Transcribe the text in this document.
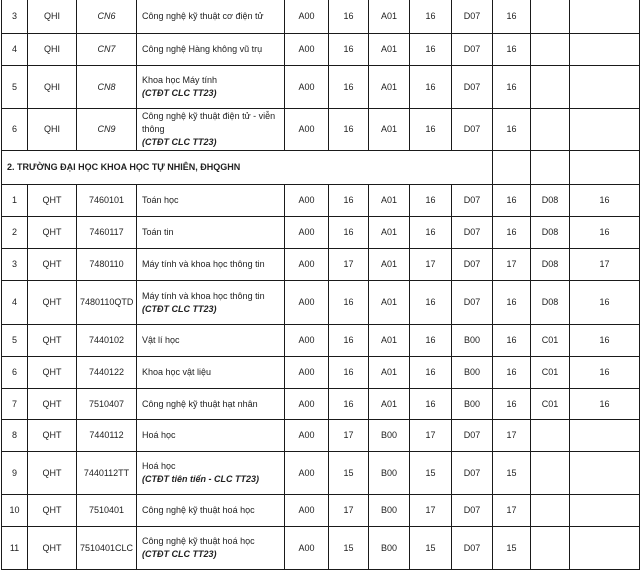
3	QHI	CN6	Công nghệ kỹ thuật cơ điện tử	A00	16	A01	16	D07	16		
4	QHI	CN7	Công nghệ Hàng không vũ trụ	A00	16	A01	16	D07	16		
5	QHI	CN8	Khoa học Máy tính
(CTĐT CLC TT23)	A00	16	A01	16	D07	16		
6	QHI	CN9	Công nghệ kỹ thuật điện tử - viễn thông
(CTĐT CLC TT23)	A00	16	A01	16	D07	16		
2. TRƯỜNG ĐẠI HỌC KHOA HỌC TỰ NHIÊN, ĐHQGHN											
1	QHT	7460101	Toán học	A00	16	A01	16	D07	16	D08	16
2	QHT	7460117	Toán tin	A00	16	A01	16	D07	16	D08	16
3	QHT	7480110	Máy tính và khoa học thông tin	A00	17	A01	17	D07	17	D08	17
4	QHT	7480110QTD	Máy tính và khoa học thông tin
(CTĐT CLC TT23)	A00	16	A01	16	D07	16	D08	16
5	QHT	7440102	Vật lí học	A00	16	A01	16	B00	16	C01	16
6	QHT	7440122	Khoa học vật liệu	A00	16	A01	16	B00	16	C01	16
7	QHT	7510407	Công nghệ kỹ thuật hạt nhân	A00	16	A01	16	B00	16	C01	16
8	QHT	7440112	Hoá học	A00	17	B00	17	D07	17		
9	QHT	7440112TT	Hoá học
(CTĐT tiên tiến - CLC TT23)	A00	15	B00	15	D07	15		
10	QHT	7510401	Công nghệ kỹ thuật hoá học	A00	17	B00	17	D07	17		
11	QHT	7510401CLC	Công nghệ kỹ thuật hoá học
(CTĐT CLC TT23)	A00	15	B00	15	D07	15		
